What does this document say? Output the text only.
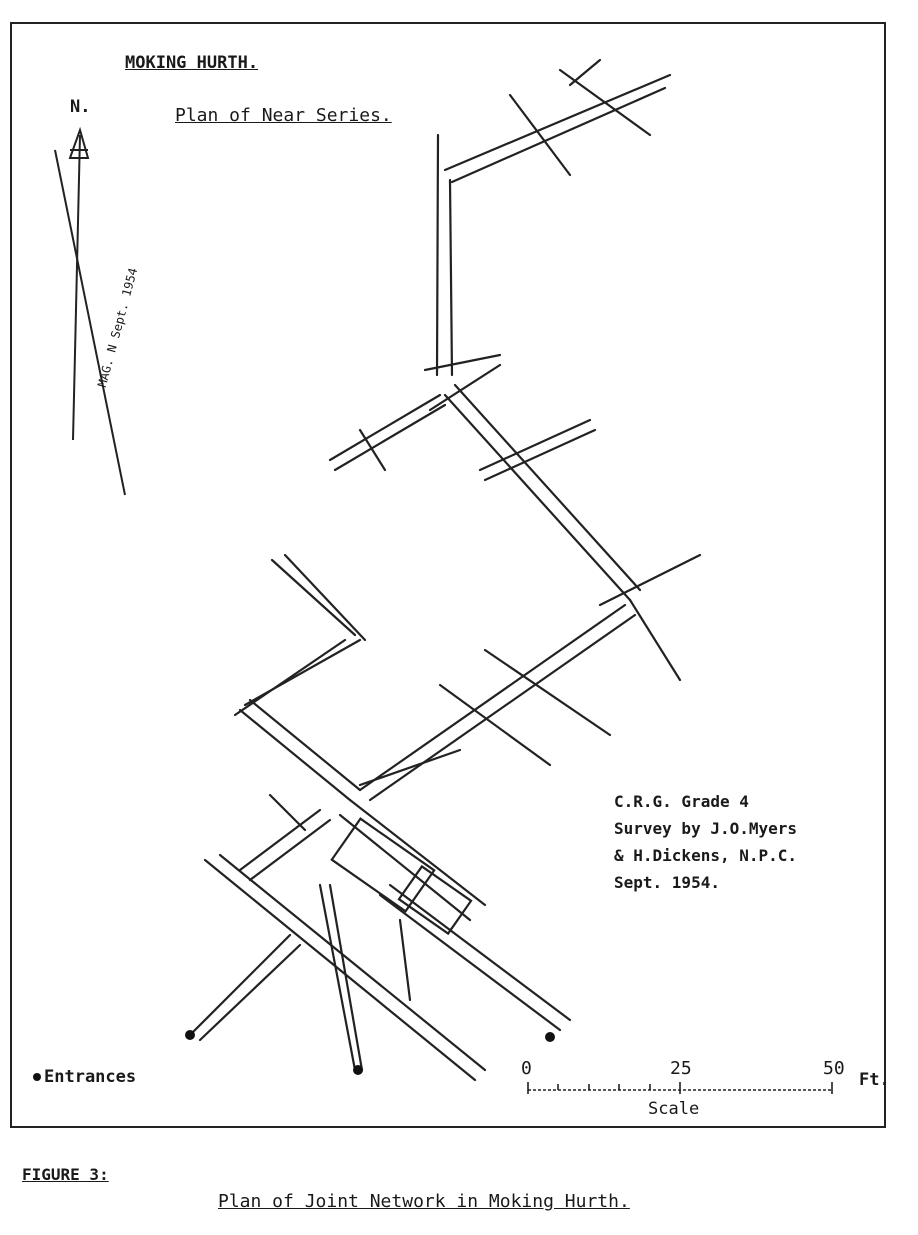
MOKING HURTH.
Plan of Near Series.
N.
MAG. N Sept. 1954
C.R.G. Grade 4
Survey by J.O.Myers
& H.Dickens, N.P.C.
Sept. 1954.
Entrances	0	25	50
Ft.
Scale
FIGURE 3:
Plan of Joint Network in Moking Hurth.
